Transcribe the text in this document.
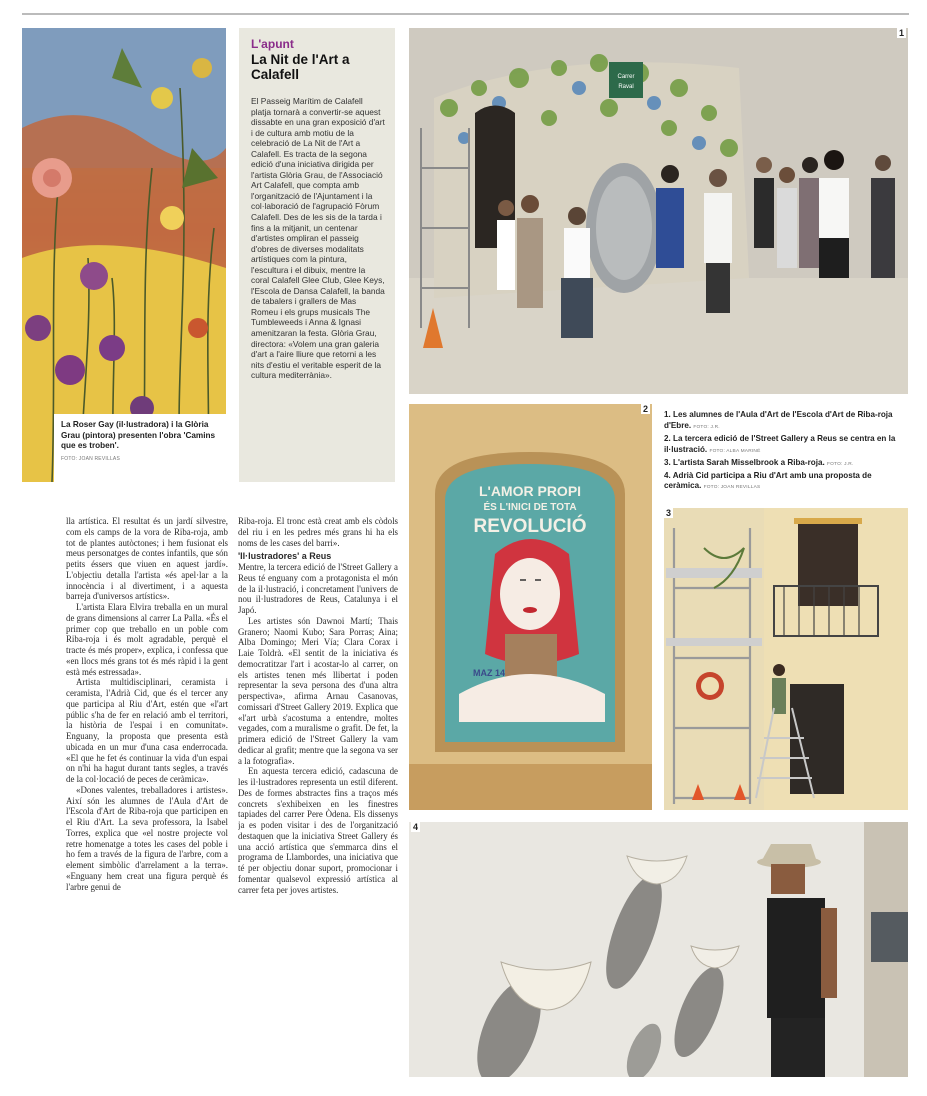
La Roser Gay (il·lustradora) i la Glòria Grau (pintora) presenten l'obra 'Camins que es troben'.
FOTO: JOAN REVILLAS
L'apunt
La Nit de l'Art a Calafell
El Passeig Marítim de Calafell platja tornarà a convertir-se aquest dissabte en una gran exposició d'art i de cultura amb motiu de la celebració de La Nit de l'Art a Calafell. Es tracta de la segona edició d'una iniciativa dirigida per l'artista Glòria Grau, de l'Associació Art Calafell, que compta amb l'organització de l'Ajuntament i la col·laboració de l'agrupació Fòrum Calafell. Des de les sis de la tarda i fins a la mitjanit, un centenar d'artistes ompliran el passeig d'obres de diverses modalitats artístiques com la pintura, l'escultura i el dibuix, mentre la coral Calafell Glee Club, Glee Keys, l'Escola de Dansa Calafell, la banda de tabalers i grallers de Mas Romeu i els grups musicals The Tumbleweeds i Anna & Ignasi amenitzaran la festa. Glòria Grau, directora: «Volem una gran galeria d'art a l'aire lliure que retorni a les nits d'estiu el veritable esperit de la cultura mediterrània».

lla artística. El resultat és un jardí silvestre, com els camps de la vora de Riba-roja, amb tot de plantes autòctones; i hem fusionat els meus personatges de contes infantils, que són petits éssers que viuen en aquest jardí». L'objectiu detalla l'artista «és apel·lar a la innocència i al divertiment, i a aquesta barreja d'universos artístics».

L'artista Elara Elvira treballa en un mural de grans dimensions al carrer La Palla. «És el primer cop que treballo en un poble com Riba-roja i és molt agradable, perquè el tracte és més proper», explica, i confessa que «en llocs més grans tot és més ràpid i la gent està més estressada».

Artista multidisciplinari, ceramista i ceramista, l'Adrià Cid, que és el tercer any que participa al Riu d'Art, estén que «l'art públic s'ha de fer en relació amb el territori, la història de l'espai i en comunitat». Enguany, la proposta que presenta està ubicada en un mur d'una casa enderrocada. «El que he fet és continuar la vida d'un espai on n'hi ha hagut durant tants segles, a través de la col·locació de peces de ceràmica».

«Dones valentes, treballadores i artistes». Així són les alumnes de l'Aula d'Art de l'Escola d'Art de Riba-roja que participen en el Riu d'Art. La seva professora, la Isabel Torres, explica que «el nostre projecte vol retre homenatge a totes les cases del poble i ho fem a través de la figura de l'arbre, com a element simbòlic d'arrelament a la terra». «Enguany hem creat una figura perquè és l'arbre genui de

Riba-roja. El tronc està creat amb els còdols del riu i en les pedres més grans hi ha els noms de les cases del barri».

'Il·lustradores' a Reus

Mentre, la tercera edició de l'Street Gallery a Reus té enguany com a protagonista el món de la il·lustració, i concretament l'univers de nou il·lustradores de Reus, Catalunya i el Japó.

Les artistes són Dawnoi Martí; Thais Granero; Naomi Kubo; Sara Porras; Aina; Alba Domingo; Meri Vía; Clara Corax i Laie Toldrà. «El sentit de la iniciativa és democratitzar l'art i acostar-lo al carrer, on els artistes tenen més llibertat i poden representar la seva persona des d'una altra perspectiva», afirma Arnau Casanovas, comissari d'Street Gallery 2019. Explica que «l'art urbà s'acostuma a entendre, moltes vegades, com a muralisme o grafit. De fet, la primera edició de l'Street Gallery la vam dedicar al grafit; mentre que la segona va ser a la fotografia».

En aquesta tercera edició, cadascuna de les il·lustradores representa un estil diferent. Des de formes abstractes fins a traços més concrets s'exhibeixen en les finestres tapiades del carrer Pere Òdena. Els dissenys ja es poden visitar i des de l'organització destaquen que la iniciativa Street Gallery és una acció artística que s'emmarca dins el programa de Llambordes, una iniciativa que té per objectiu donar suport, promocionar i fomentar qualsevol expressió artística al carrer feta per joves artistes.

Carrer
Raval
1
L'AMOR PROPI
ÉS L'INICI DE TOTA
REVOLUCIÓ
MAZ 14
2
1. Les alumnes de l'Aula d'Art de l'Escola d'Art de Riba-roja d'Ebre. FOTO: J.R.
2. La tercera edició de l'Street Gallery a Reus se centra en la il·lustració. FOTO: ALBA MARINÉ
3. L'artista Sarah Misselbrook a Riba-roja. FOTO: J.R.
4. Adrià Cid participa a Riu d'Art amb una proposta de ceràmica. FOTO: JOAN REVILLAS
3
4
